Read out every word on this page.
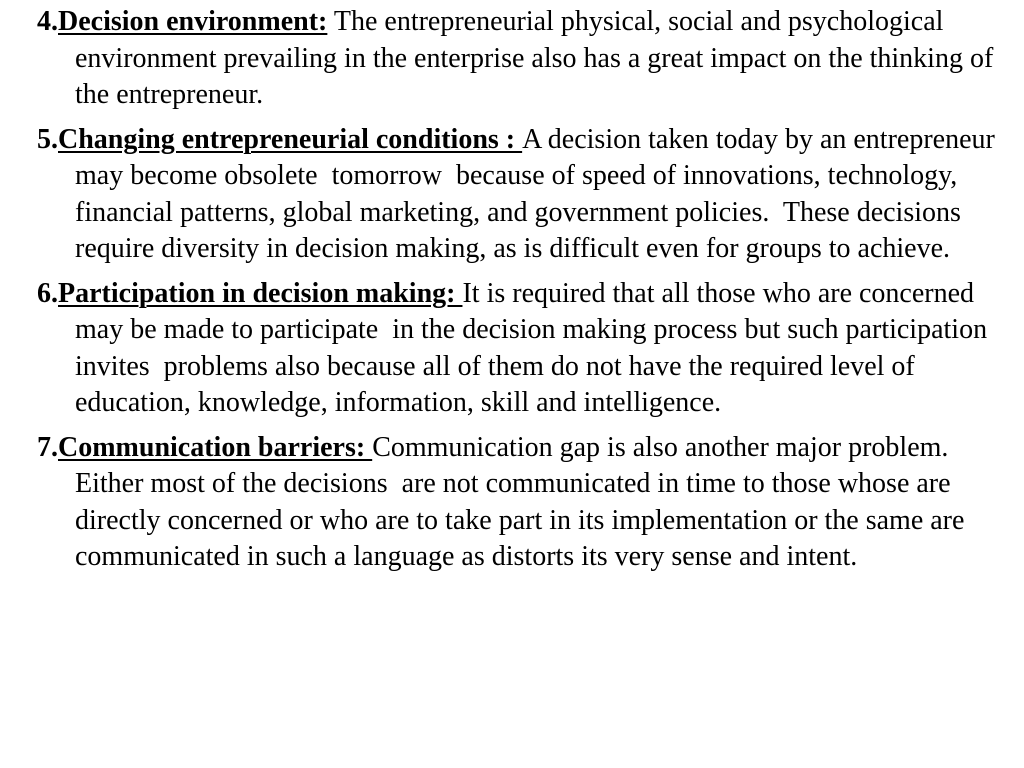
4.Decision environment: The entrepreneurial physical, social and psychological environment prevailing in the enterprise also has a great impact on the thinking of the entrepreneur.

5.Changing entrepreneurial conditions : A decision taken today by an entrepreneur may become obsolete  tomorrow  because of speed of innovations, technology, financial patterns, global marketing, and government policies.  These decisions require diversity in decision making, as is difficult even for groups to achieve.

6.Participation in decision making: It is required that all those who are concerned  may be made to participate  in the decision making process but such participation invites  problems also because all of them do not have the required level of education, knowledge, information, skill and intelligence.

7.Communication barriers: Communication gap is also another major problem. Either most of the decisions  are not communicated in time to those whose are directly concerned or who are to take part in its implementation or the same are communicated in such a language as distorts its very sense and intent.
